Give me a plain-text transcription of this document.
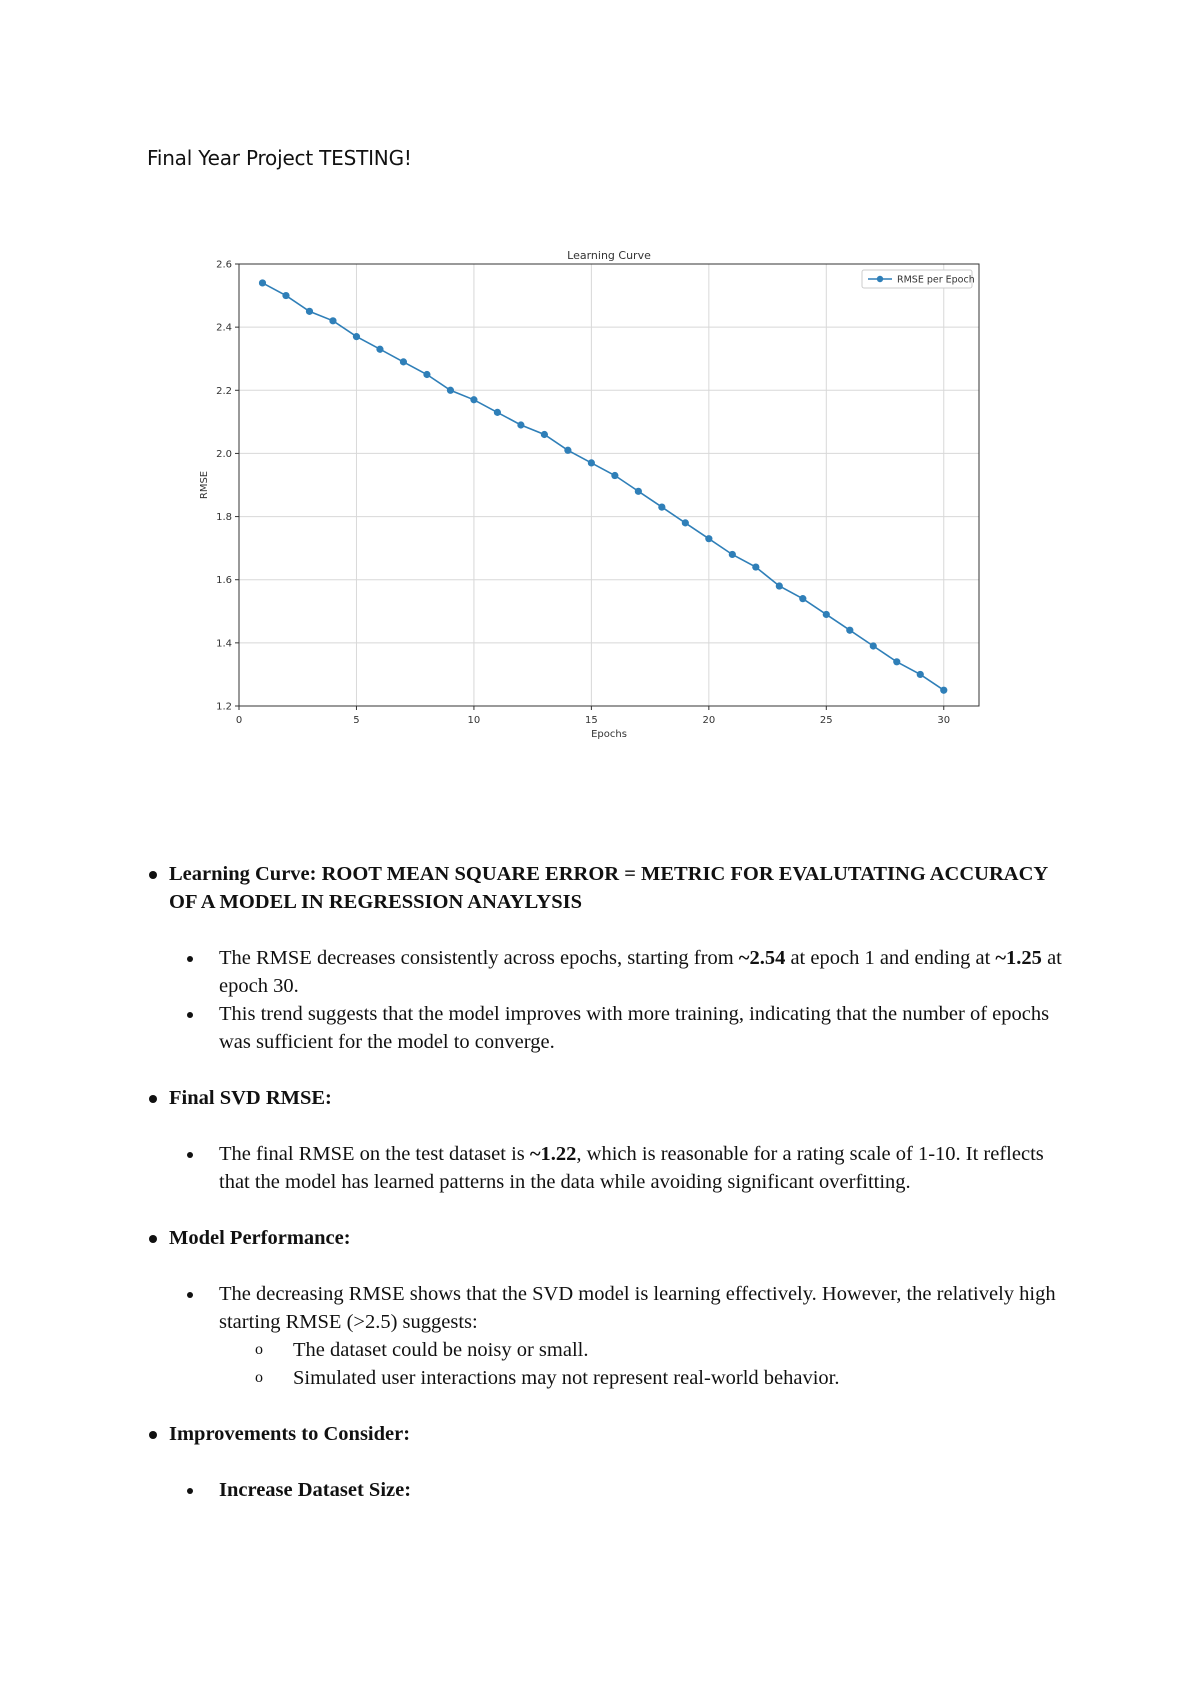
Final Year Project TESTING!
0	5	10	15	20	25	30
1.2
1.4
1.6
1.8
2.0
2.2
2.4
2.6
Learning Curve
Epochs
RMSE
RMSE per Epoch

Learning Curve: ROOT MEAN SQUARE ERROR = METRIC FOR EVALUTATING ACCURACY OF A MODEL IN REGRESSION ANAYLYSIS

The RMSE decreases consistently across epochs, starting from ~2.54 at epoch 1 and ending at ~1.25 at epoch 30.

This trend suggests that the model improves with more training, indicating that the number of epochs was sufficient for the model to converge.

Final SVD RMSE:

The final RMSE on the test dataset is ~1.22, which is reasonable for a rating scale of 1-10. It reflects that the model has learned patterns in the data while avoiding significant overfitting.

Model Performance:

The decreasing RMSE shows that the SVD model is learning effectively. However, the relatively high starting RMSE (>2.5) suggests:

o The dataset could be noisy or small.

o Simulated user interactions may not represent real-world behavior.

Improvements to Consider:

Increase Dataset Size:
